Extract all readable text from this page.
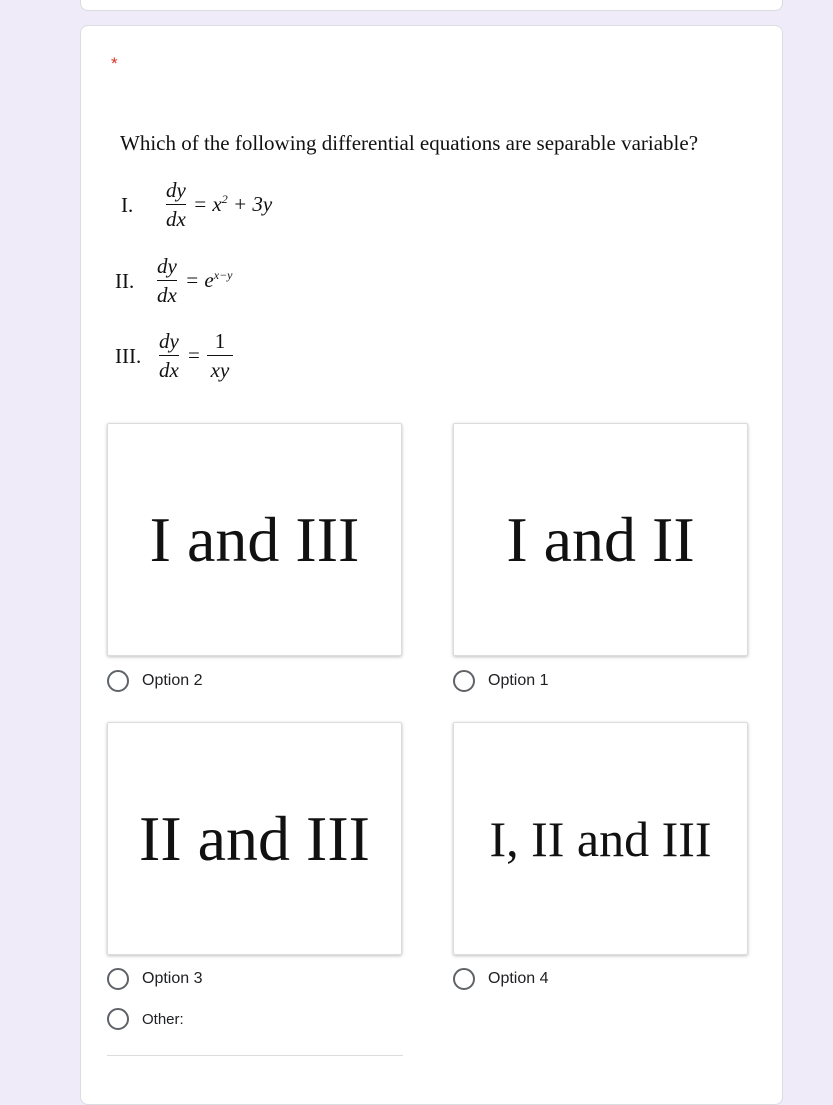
*
Which of the following differential equations are separable variable?
I.
dy
dx
= $x^2 + 3y$
II.
dy
dx
= $e^{x-y}$
III.
dy
dx
=
1
xy
I and III I and II
Option 2	Option 1
II and III I, II and III
Option 3	Option 4
Other:
